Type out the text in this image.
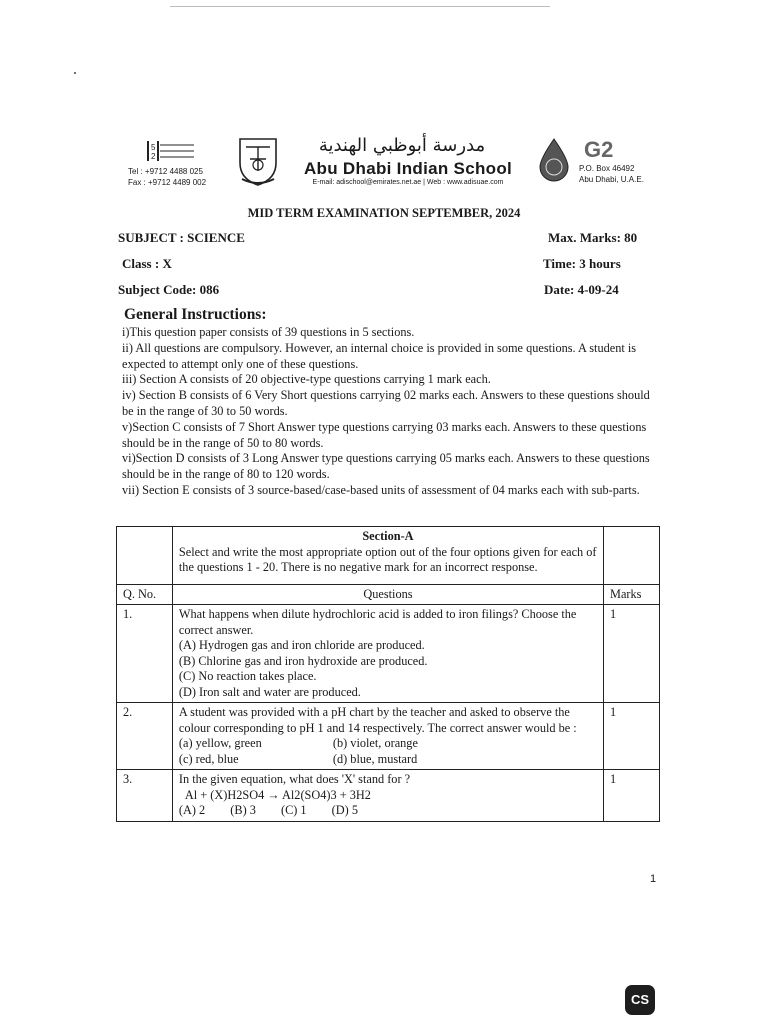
5
2
Tel : +9712 4488 025
Fax : +9712 4489 002
مدرسة أبوظبي الهندية
Abu Dhabi Indian School
E-mail: adischool@emirates.net.ae | Web : www.adisuae.com
G2
P.O. Box 46492
Abu Dhabi, U.A.E.
MID TERM EXAMINATION SEPTEMBER, 2024
SUBJECT : SCIENCE	Max. Marks: 80
Class : X	Time: 3 hours
Subject Code: 086	Date: 4-09-24
General Instructions:
i)This question paper consists of 39 questions in 5 sections.
ii) All questions are compulsory. However, an internal choice is provided in some questions. A student is expected to attempt only one of these questions.
iii) Section A consists of 20 objective-type questions carrying 1 mark each.
iv) Section B consists of 6 Very Short questions carrying 02 marks each. Answers to these questions should be in the range of 30 to 50 words.
v)Section C consists of 7 Short Answer type questions carrying 03 marks each. Answers to these questions should be in the range of 50 to 80 words.
vi)Section D consists of 3 Long Answer type questions carrying 05 marks each. Answers to these questions should be in the range of 80 to 120 words.
vii) Section E consists of 3 source-based/case-based units of assessment of 04 marks each with sub-parts.

	Section-A
Select and write the most appropriate option out of the four options given for each of the questions 1 - 20. There is no negative mark for an incorrect response.	

Q. No.	Questions	Marks
1.	What happens when dilute hydrochloric acid is added to iron filings? Choose the correct answer.
(A) Hydrogen gas and iron chloride are produced.
(B) Chlorine gas and iron hydroxide are produced.
(C) No reaction takes place.
(D) Iron salt and water are produced.	1
2.	A student was provided with a pH chart by the teacher and asked to observe the colour corresponding to pH 1 and 14 respectively. The correct answer would be :
(a) yellow, green (b) violet, orange
(c) red, blue (d) blue, mustard	1
3.	In the given equation, what does 'X' stand for ?
Al + (X)H2SO4 → Al2(SO4)3 + 3H2
(A) 2 (B) 3 (C) 1 (D) 5	1
1
CS
